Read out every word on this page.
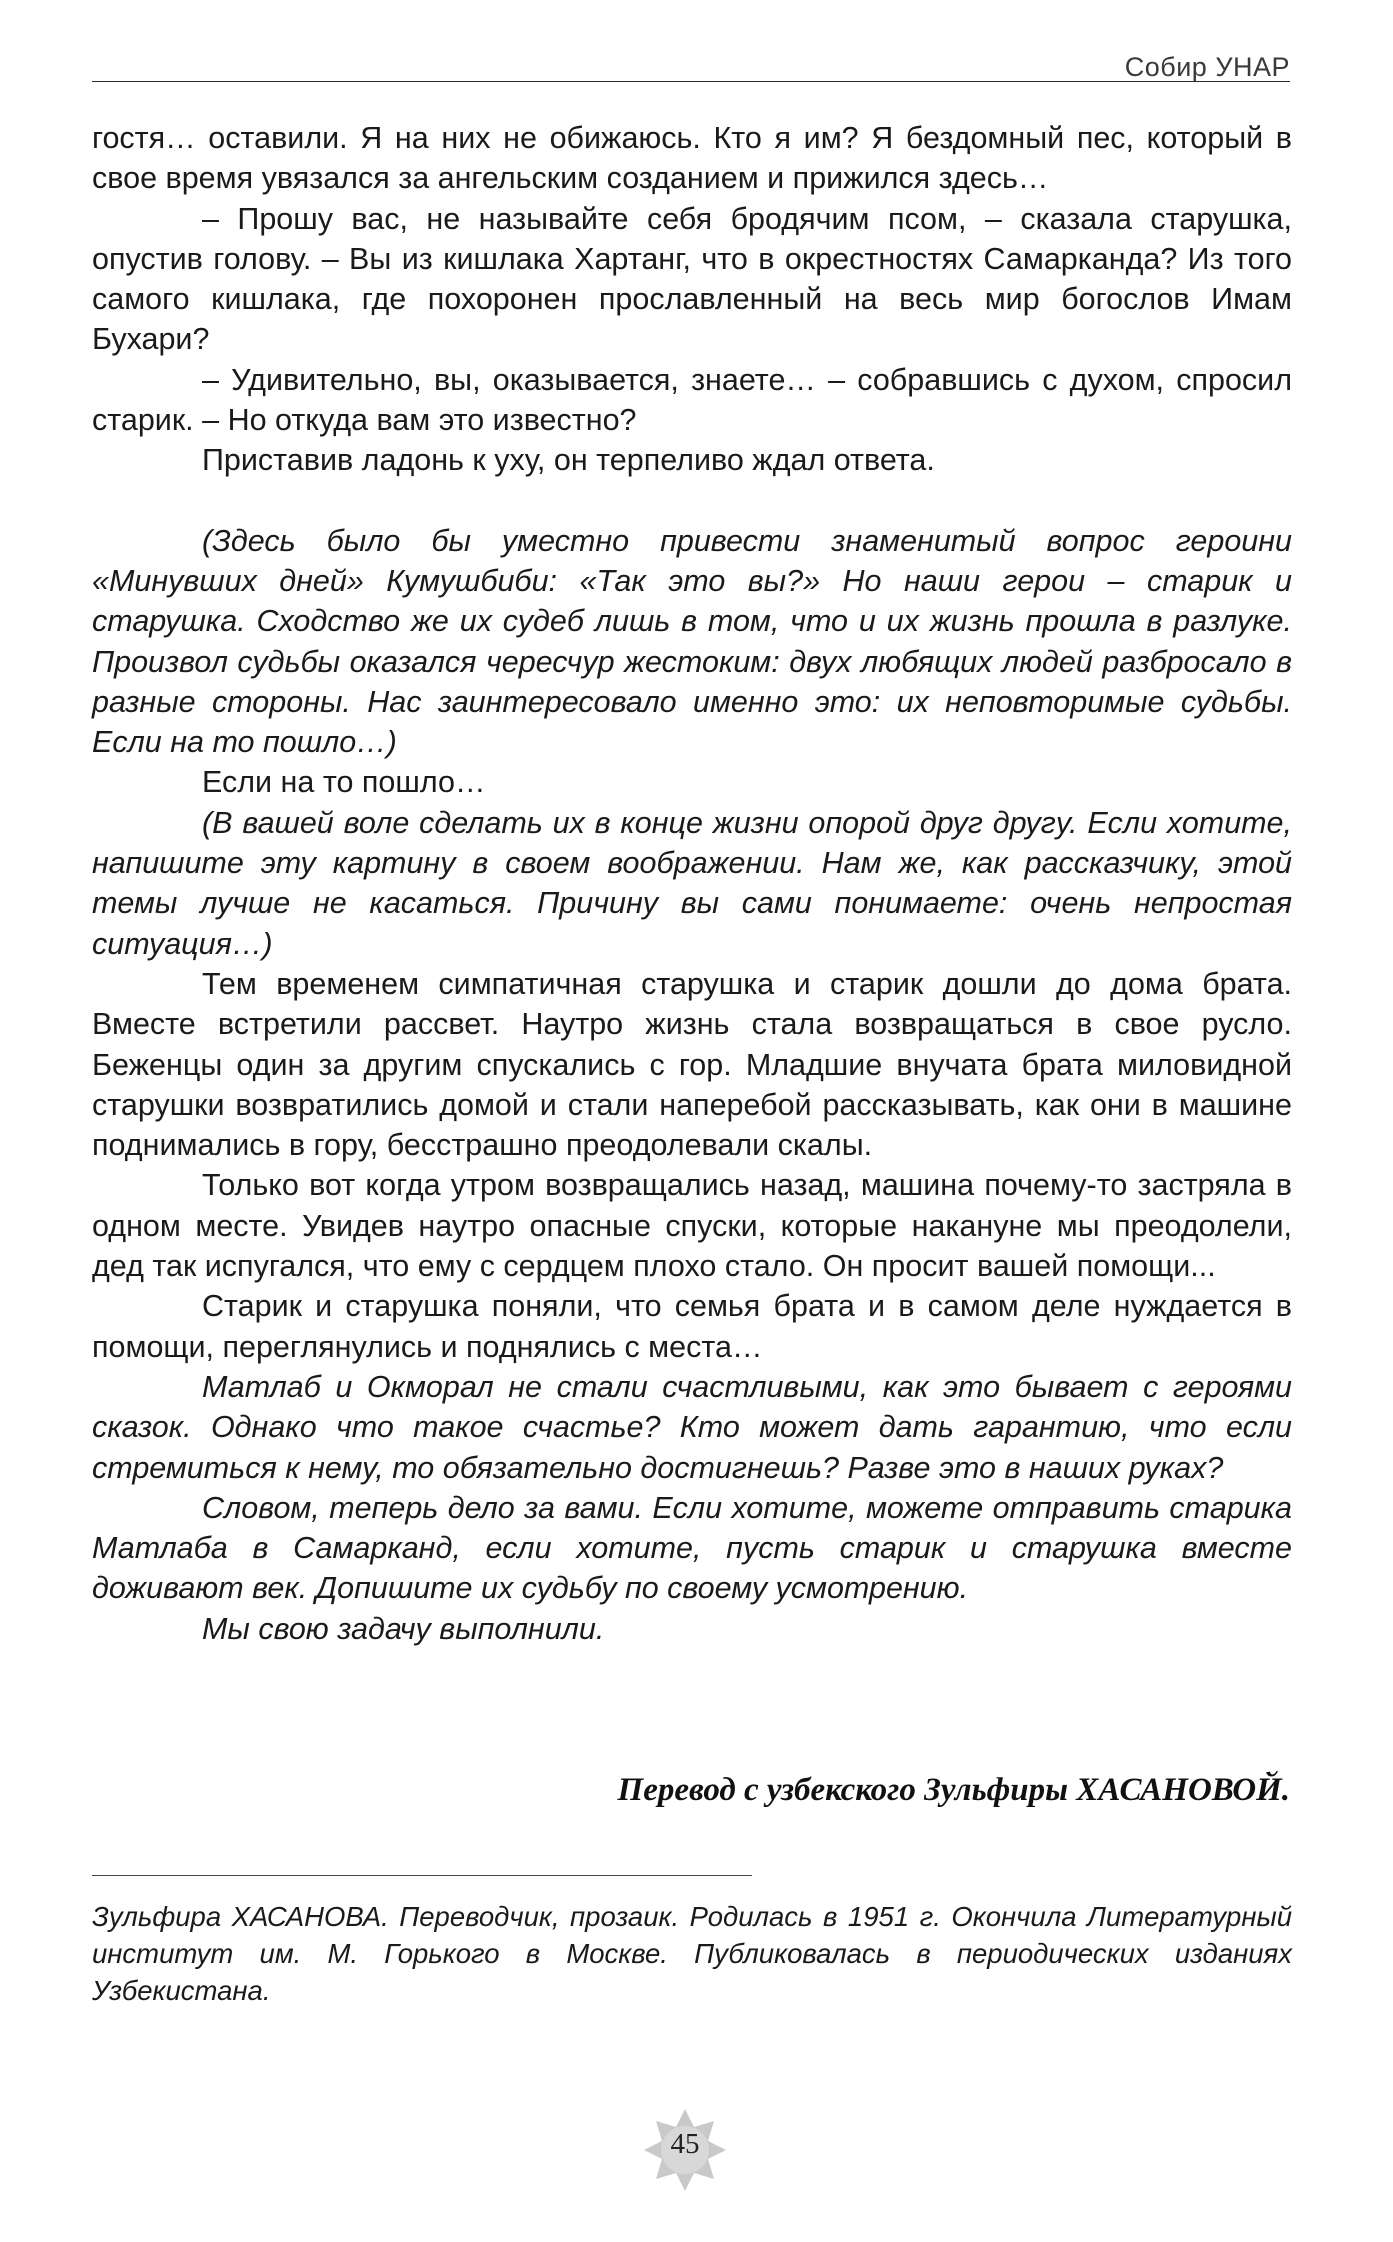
Собир УНАР

гостя… оставили. Я на них не обижаюсь. Кто я им? Я бездомный пес, который в свое время увязался за ангельским созданием и прижился здесь…

– Прошу вас, не называйте себя бродячим псом, – сказала старушка, опустив голову. – Вы из кишлака Хартанг, что в окрестностях Самарканда? Из того самого кишлака, где похоронен прославленный на весь мир богослов Имам Бухари?

– Удивительно, вы, оказывается, знаете… – собравшись с духом, спросил старик. – Но откуда вам это известно?

Приставив ладонь к уху, он терпеливо ждал ответа.

(Здесь было бы уместно привести знаменитый вопрос героини «Минувших дней» Кумушбиби: «Так это вы?» Но наши герои – старик и старушка. Сходство же их судеб лишь в том, что и их жизнь прошла в разлуке. Произвол судьбы оказался чересчур жестоким: двух любящих людей разбросало в разные стороны. Нас заинтересовало именно это: их неповторимые судьбы. Если на то пошло…)

Если на то пошло…

(В вашей воле сделать их в конце жизни опорой друг другу. Если хотите, напишите эту картину в своем воображении. Нам же, как рассказчику, этой темы лучше не касаться. Причину вы сами понимаете: очень непростая ситуация…)

Тем временем симпатичная старушка и старик дошли до дома брата. Вместе встретили рассвет. Наутро жизнь стала возвращаться в свое русло. Беженцы один за другим спускались с гор. Младшие внучата брата миловидной старушки возвратились домой и стали наперебой рассказывать, как они в машине поднимались в гору, бесстрашно преодолевали скалы.

Только вот когда утром возвращались назад, машина почему-то застряла в одном месте. Увидев наутро опасные спуски, которые накануне мы преодолели, дед так испугался, что ему с сердцем плохо стало. Он просит вашей помощи...

Старик и старушка поняли, что семья брата и в самом деле нуждается в помощи, переглянулись и поднялись с места…

Матлаб и Окморал не стали счастливыми, как это бывает с героями сказок. Однако что такое счастье? Кто может дать гарантию, что если стремиться к нему, то обязательно достигнешь? Разве это в наших руках?

Словом, теперь дело за вами. Если хотите, можете отправить старика Матлаба в Самарканд, если хотите, пусть старик и старушка вместе доживают век. Допишите их судьбу по своему усмотрению.

Мы свою задачу выполнили.

Перевод с узбекского Зульфиры ХАСАНОВОЙ.
Зульфира ХАСАНОВА. Переводчик, прозаик. Родилась в 1951 г. Окончила Литературный институт им. М. Горького в Москве. Публиковалась в периодических изданиях Узбекистана.
45
